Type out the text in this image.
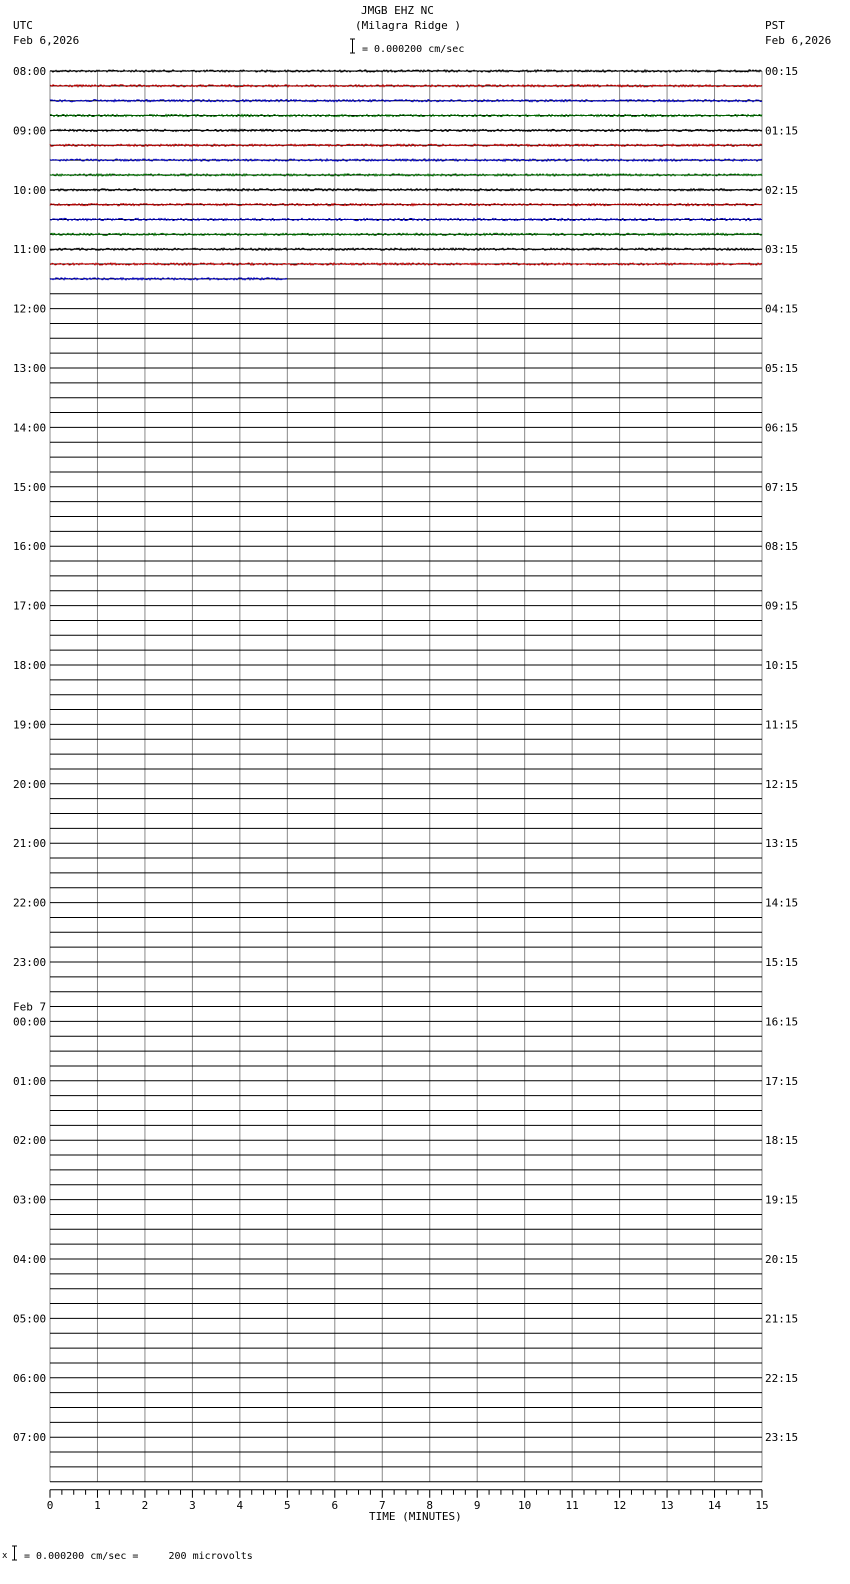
JMGB EHZ NC
(Milagra Ridge )
= 0.000200 cm/sec
UTC
Feb 6,2026
PST
Feb 6,2026
08:00	00:15
09:00	01:15
10:00	02:15
11:00	03:15
12:00	04:15
13:00	05:15
14:00	06:15
15:00	07:15
16:00	08:15
17:00	09:15
18:00	10:15
19:00	11:15
20:00	12:15
21:00	13:15
22:00	14:15
23:00	15:15
00:00	16:15
01:00	17:15
02:00	18:15
03:00	19:15
04:00	20:15
05:00	21:15
06:00	22:15
07:00	23:15
Feb 7
0	1	2	3	4	5	6	7	8	9	10	11	12	13	14	15
TIME (MINUTES)
x = 0.000200 cm/sec =     200 microvolts
